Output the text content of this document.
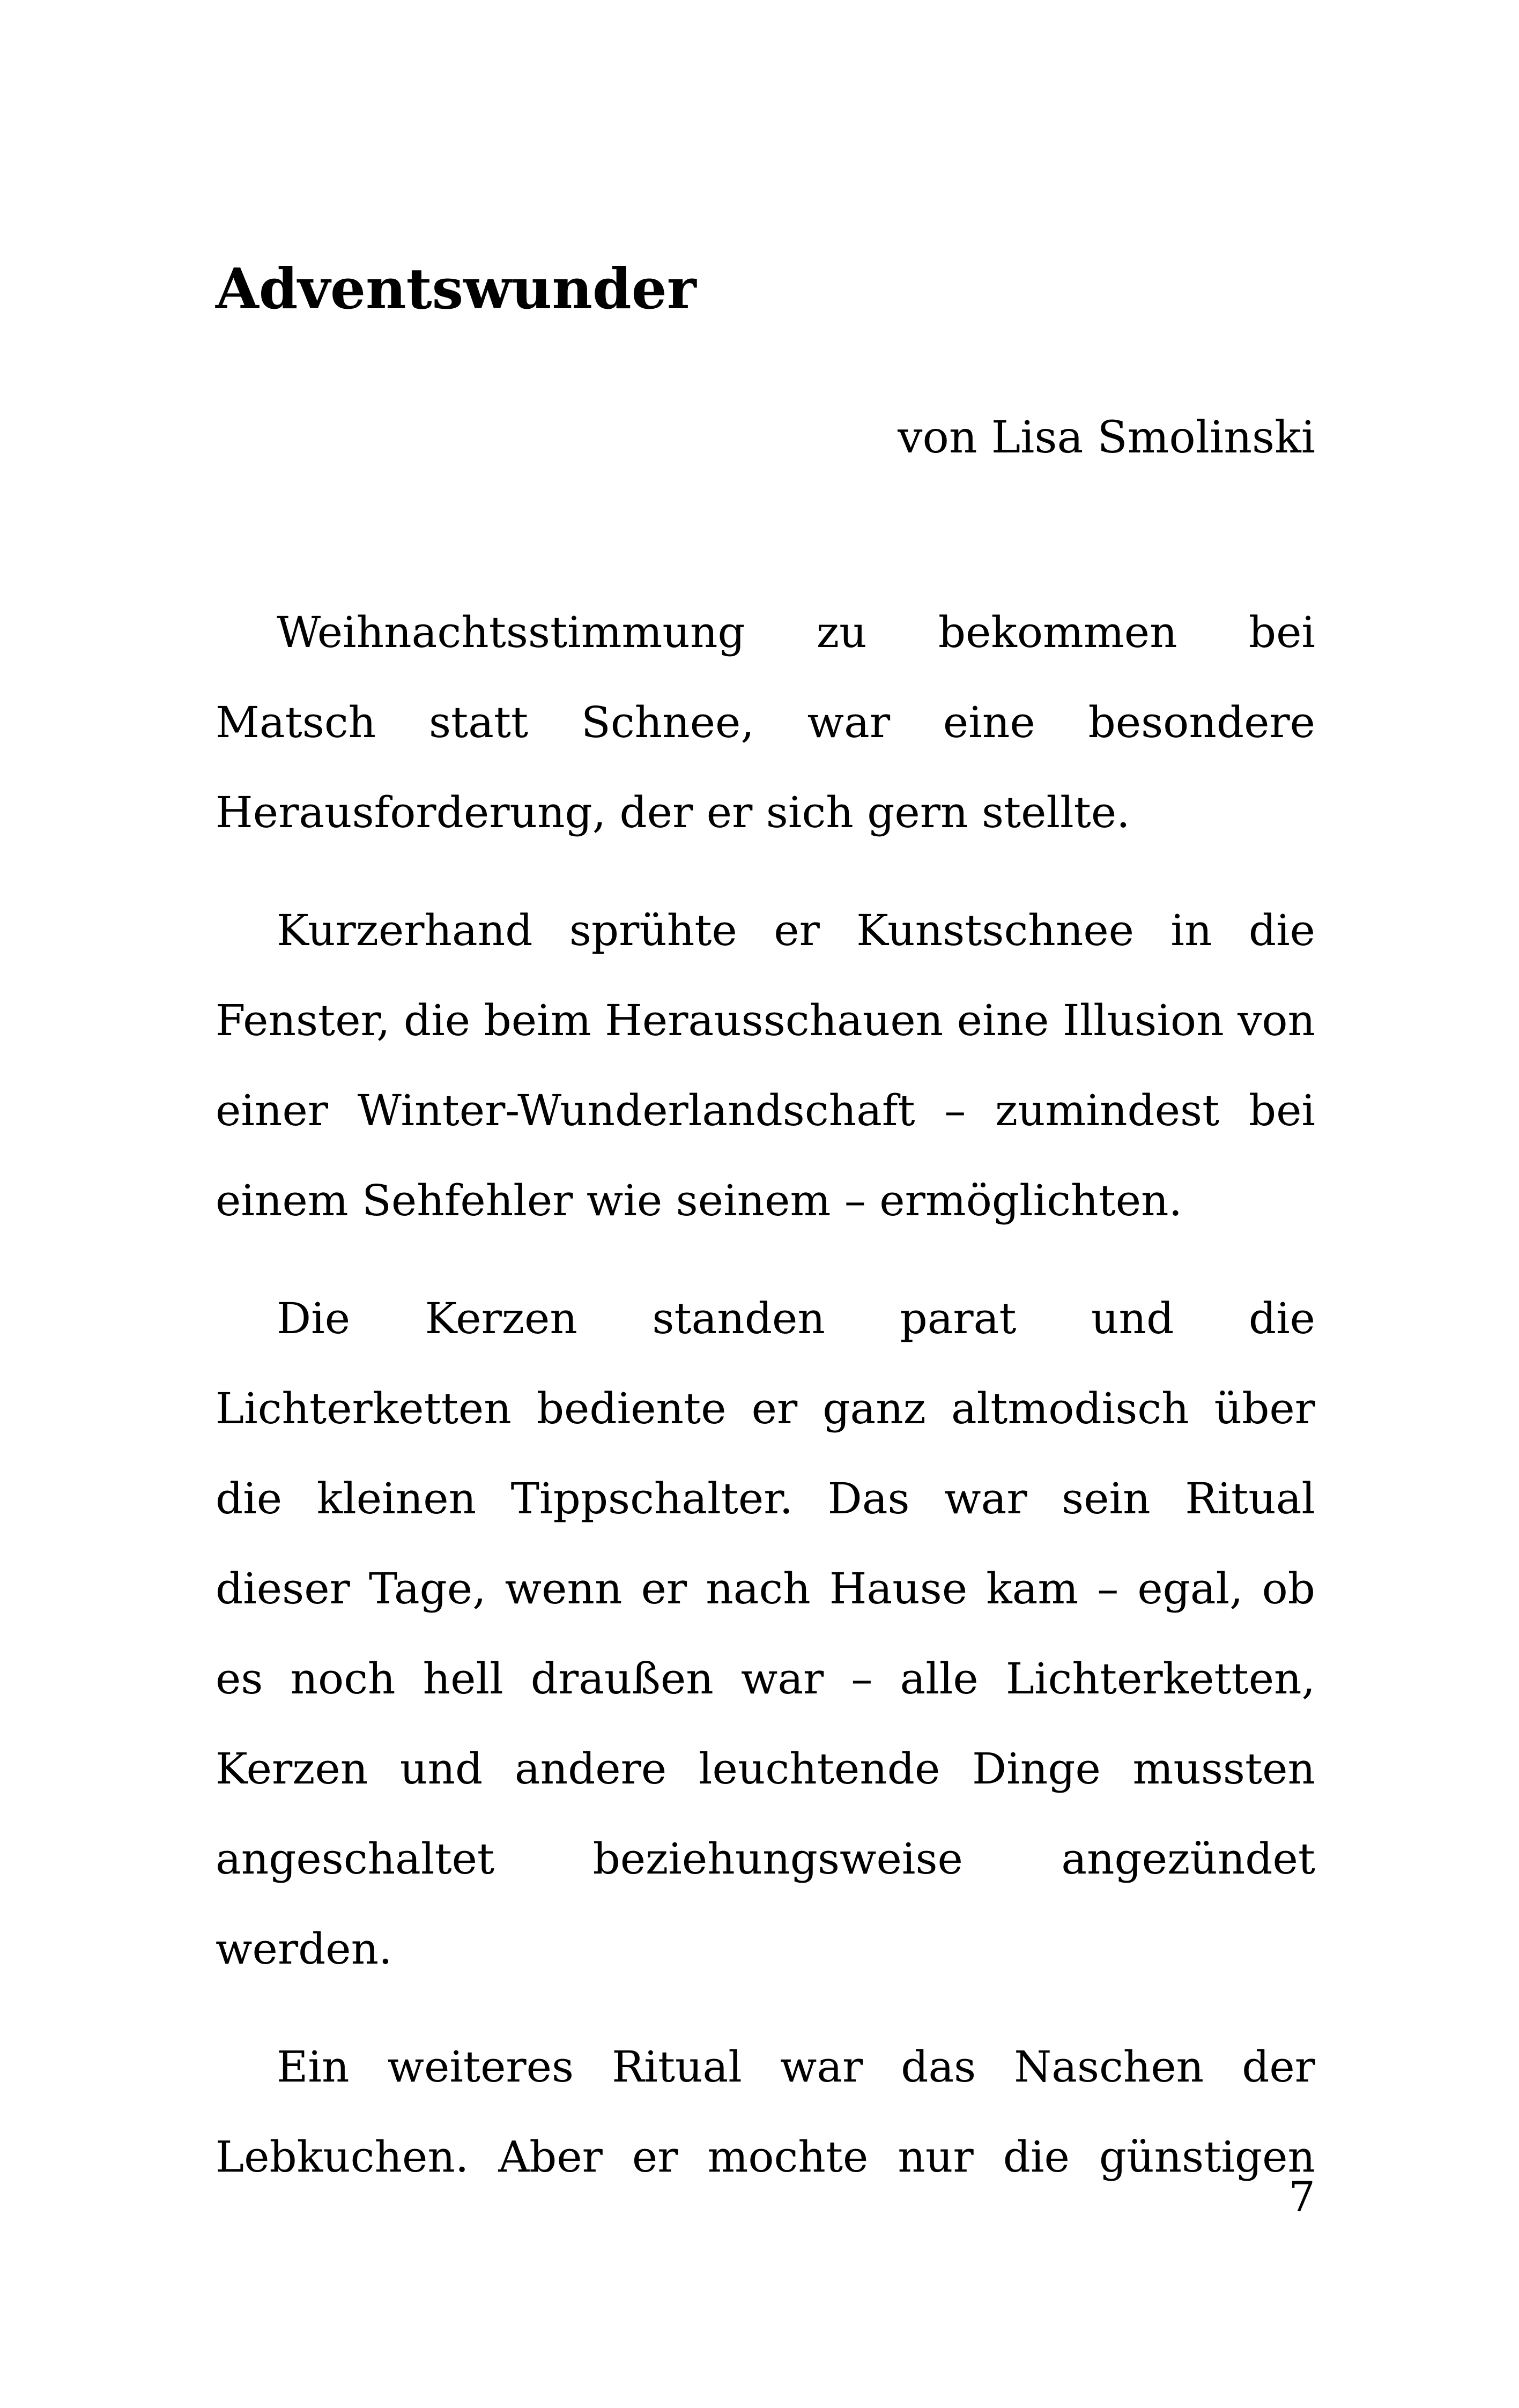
Adventswunder

von Lisa Smolinski

Weihnachtsstimmung zu bekommen bei Matsch statt Schnee, war eine besondere Herausforderung, der er sich gern stellte.

Kurzerhand sprühte er Kunstschnee in die Fenster, die beim Herausschauen eine Illusion von einer Winter-Wunderlandschaft – zumindest bei einem Sehfehler wie seinem – ermöglichten.

Die Kerzen standen parat und die Lichterketten bediente er ganz altmodisch über die kleinen Tippschalter. Das war sein Ritual dieser Tage, wenn er nach Hause kam – egal, ob es noch hell draußen war – alle Lichterketten, Kerzen und andere leuchtende Dinge mussten angeschaltet beziehungsweise angezündet werden.

Ein weiteres Ritual war das Naschen der Lebkuchen. Aber er mochte nur die günstigen

7
